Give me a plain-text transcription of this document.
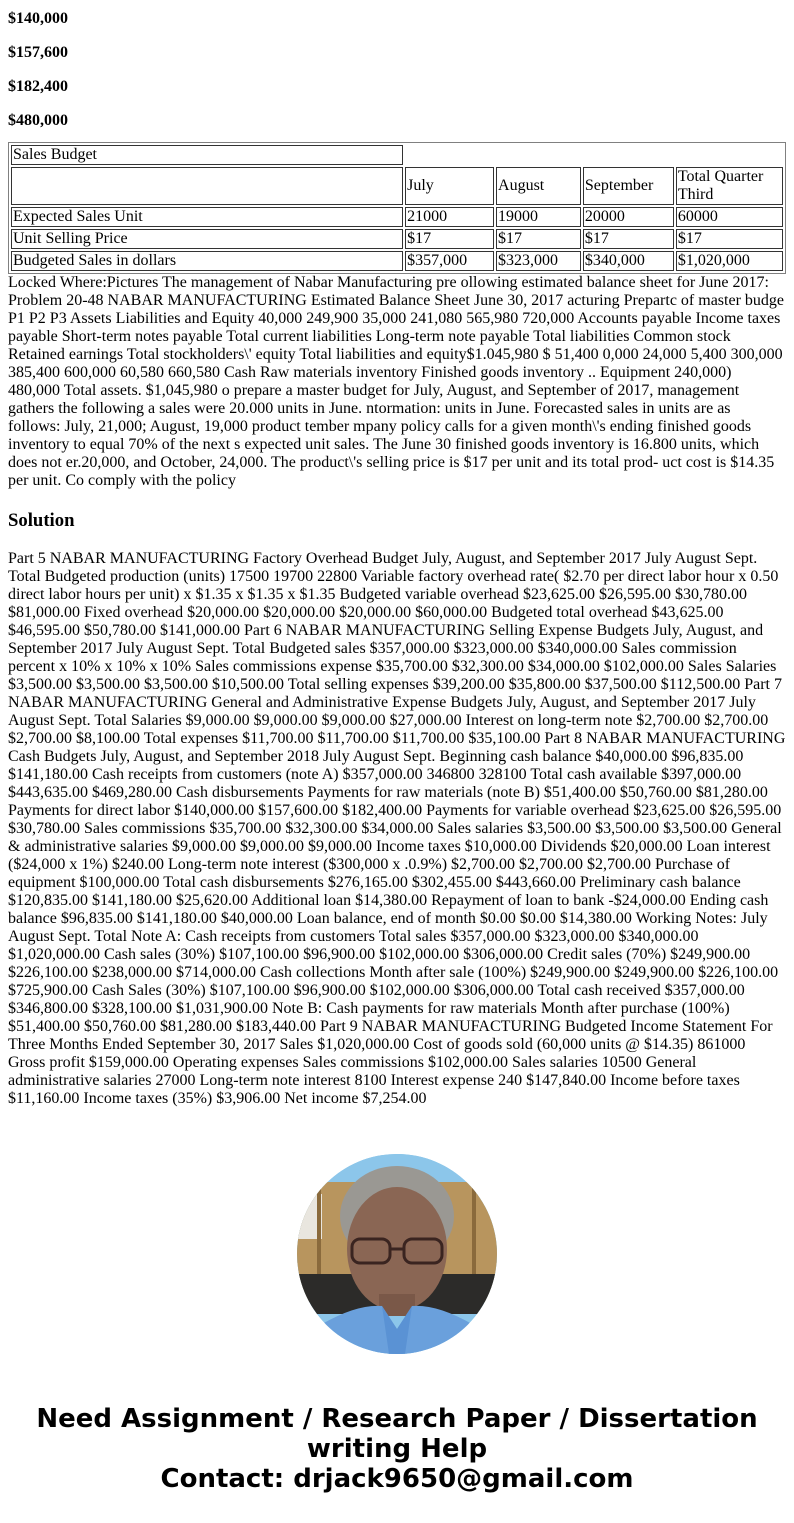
$140,000

$157,600

$182,400

$480,000

Sales Budget				
	July	August	September	Total Quarter Third
Expected Sales Unit	21000	19000	20000	60000
Unit Selling Price	$17	$17	$17	$17
Budgeted Sales in dollars	$357,000	$323,000	$340,000	$1,020,000

Locked Where:Pictures The management of Nabar Manufacturing pre ollowing estimated balance sheet for June 2017: Problem 20-48 NABAR MANUFACTURING Estimated Balance Sheet June 30, 2017 acturing Prepartc of master budge P1 P2 P3 Assets Liabilities and Equity 40,000 249,900 35,000 241,080 565,980 720,000 Accounts payable Income taxes payable Short-term notes payable Total current liabilities Long-term note payable Total liabilities Common stock Retained earnings Total stockholders\' equity Total liabilities and equity$1.045,980 $ 51,400 0,000 24,000 5,400 300,000 385,400 600,000 60,580 660,580 Cash Raw materials inventory Finished goods inventory .. Equipment 240,000) 480,000 Total assets. $1,045,980 o prepare a master budget for July, August, and September of 2017, management gathers the following a sales were 20.000 units in June. ntormation: units in June. Forecasted sales in units are as follows: July, 21,000; August, 19,000 product tember mpany policy calls for a given month\'s ending finished goods inventory to equal 70% of the next s expected unit sales. The June 30 finished goods inventory is 16.800 units, which does not er.20,000, and October, 24,000. The product\'s selling price is $17 per unit and its total prod- uct cost is $14.35 per unit. Co comply with the policy

Solution

Part 5 NABAR MANUFACTURING Factory Overhead Budget July, August, and September 2017 July August Sept. Total Budgeted production (units) 17500 19700 22800 Variable factory overhead rate( $2.70 per direct labor hour x 0.50 direct labor hours per unit) x $1.35 x $1.35 x $1.35 Budgeted variable overhead $23,625.00 $26,595.00 $30,780.00 $81,000.00 Fixed overhead $20,000.00 $20,000.00 $20,000.00 $60,000.00 Budgeted total overhead $43,625.00 $46,595.00 $50,780.00 $141,000.00 Part 6 NABAR MANUFACTURING Selling Expense Budgets July, August, and September 2017 July August Sept. Total Budgeted sales $357,000.00 $323,000.00 $340,000.00 Sales commission percent x 10% x 10% x 10% Sales commissions expense $35,700.00 $32,300.00 $34,000.00 $102,000.00 Sales Salaries $3,500.00 $3,500.00 $3,500.00 $10,500.00 Total selling expenses $39,200.00 $35,800.00 $37,500.00 $112,500.00 Part 7 NABAR MANUFACTURING General and Administrative Expense Budgets July, August, and September 2017 July August Sept. Total Salaries $9,000.00 $9,000.00 $9,000.00 $27,000.00 Interest on long-term note $2,700.00 $2,700.00 $2,700.00 $8,100.00 Total expenses $11,700.00 $11,700.00 $11,700.00 $35,100.00 Part 8 NABAR MANUFACTURING Cash Budgets July, August, and September 2018 July August Sept. Beginning cash balance $40,000.00 $96,835.00 $141,180.00 Cash receipts from customers (note A) $357,000.00 346800 328100 Total cash available $397,000.00 $443,635.00 $469,280.00 Cash disbursements Payments for raw materials (note B) $51,400.00 $50,760.00 $81,280.00 Payments for direct labor $140,000.00 $157,600.00 $182,400.00 Payments for variable overhead $23,625.00 $26,595.00 $30,780.00 Sales commissions $35,700.00 $32,300.00 $34,000.00 Sales salaries $3,500.00 $3,500.00 $3,500.00 General & administrative salaries $9,000.00 $9,000.00 $9,000.00 Income taxes $10,000.00 Dividends $20,000.00 Loan interest ($24,000 x 1%) $240.00 Long-term note interest ($300,000 x .0.9%) $2,700.00 $2,700.00 $2,700.00 Purchase of equipment $100,000.00 Total cash disbursements $276,165.00 $302,455.00 $443,660.00 Preliminary cash balance $120,835.00 $141,180.00 $25,620.00 Additional loan $14,380.00 Repayment of loan to bank -$24,000.00 Ending cash balance $96,835.00 $141,180.00 $40,000.00 Loan balance, end of month $0.00 $0.00 $14,380.00 Working Notes: July August Sept. Total Note A: Cash receipts from customers Total sales $357,000.00 $323,000.00 $340,000.00 $1,020,000.00 Cash sales (30%) $107,100.00 $96,900.00 $102,000.00 $306,000.00 Credit sales (70%) $249,900.00 $226,100.00 $238,000.00 $714,000.00 Cash collections Month after sale (100%) $249,900.00 $249,900.00 $226,100.00 $725,900.00 Cash Sales (30%) $107,100.00 $96,900.00 $102,000.00 $306,000.00 Total cash received $357,000.00 $346,800.00 $328,100.00 $1,031,900.00 Note B: Cash payments for raw materials Month after purchase (100%) $51,400.00 $50,760.00 $81,280.00 $183,440.00 Part 9 NABAR MANUFACTURING Budgeted Income Statement For Three Months Ended September 30, 2017 Sales $1,020,000.00 Cost of goods sold (60,000 units @ $14.35) 861000 Gross profit $159,000.00 Operating expenses Sales commissions $102,000.00 Sales salaries 10500 General administrative salaries 27000 Long-term note interest 8100 Interest expense 240 $147,840.00 Income before taxes $11,160.00 Income taxes (35%) $3,906.00 Net income $7,254.00

Need Assignment / Research Paper / Dissertation
writing Help
Contact: drjack9650@gmail.com
